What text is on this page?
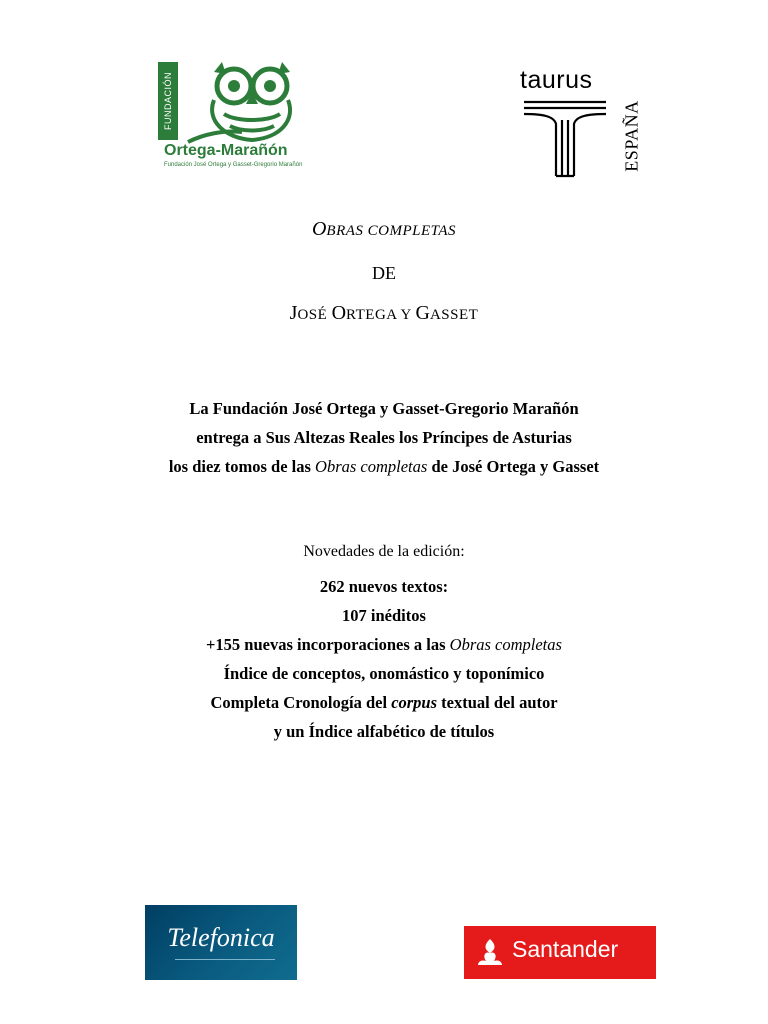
FUNDACIÓN
Ortega-Marañón
Fundación José Ortega y Gasset-Gregorio Marañón
taurus
ESPAÑA
OBRAS COMPLETAS
DE
JOSÉ ORTEGA Y GASSET
La Fundación José Ortega y Gasset-Gregorio Marañón
entrega a Sus Altezas Reales los Príncipes de Asturias
los diez tomos de las Obras completas de José Ortega y Gasset
Novedades de la edición:
262 nuevos textos:
107 inéditos
+155 nuevas incorporaciones a las Obras completas
Índice de conceptos, onomástico y toponímico
Completa Cronología del corpus textual del autor
y un Índice alfabético de títulos
Telefonica	Santander
